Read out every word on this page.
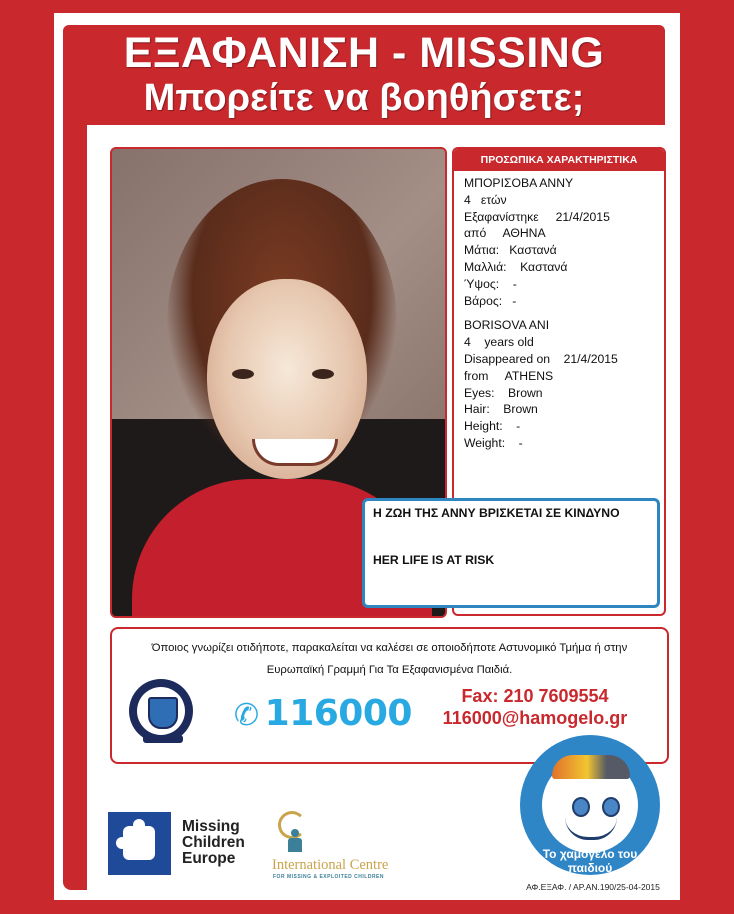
ΕΞΑΦΑΝΙΣΗ - MISSING
Μπορείτε να βοηθήσετε;
ΠΡΟΣΩΠΙΚΑ ΧΑΡΑΚΤΗΡΙΣΤΙΚΑ
ΜΠΟΡΙΣΟΒΑ ΑΝΝΥ
4   ετών
Εξαφανίστηκε     21/4/2015
από     ΑΘΗΝΑ
Μάτια:   Καστανά
Μαλλιά:    Καστανά
Ύψος:    -
Βάρος:   -
BORISOVA ANI
4    years old
Disappeared on    21/4/2015
from     ATHENS
Eyes:    Brown
Hair:    Brown
Height:    -
Weight:    -
Η ΖΩΗ ΤΗΣ ΑΝΝΥ ΒΡΙΣΚΕΤΑΙ ΣΕ ΚΙΝΔΥΝΟ
HER LIFE IS AT RISK
Όποιος γνωρίζει οτιδήποτε, παρακαλείται να καλέσει σε οποιοδήποτε Αστυνομικό Τμήμα ή στην
Ευρωπαϊκή Γραμμή Για Τα Εξαφανισμένα Παιδιά.
✆ 116000	Fax: 210 7609554
116000@hamogelo.gr
Missing
Children
Europe	International Centre
FOR MISSING & EXPLOITED CHILDREN
Το χαμόγελο του παιδιού
ΑΦ.ΕΞΑΦ. / ΑΡ.ΑΝ.190/25-04-2015
